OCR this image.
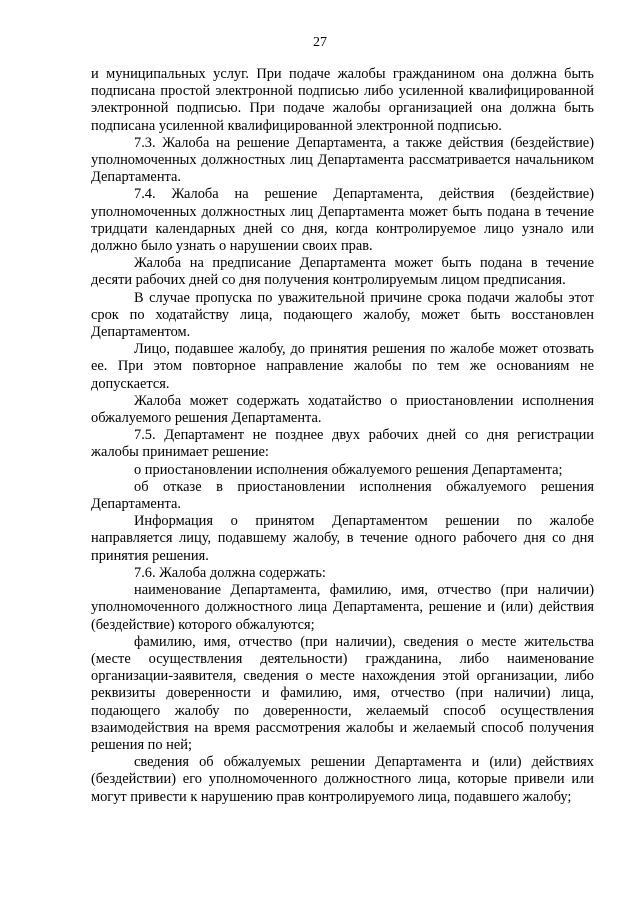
27

и муниципальных услуг. При подаче жалобы гражданином она должна быть подписана простой электронной подписью либо усиленной квалифицированной электронной подписью. При подаче жалобы организацией она должна быть подписана усиленной квалифицированной электронной подписью.

7.3. Жалоба на решение Департамента, а также действия (бездействие) уполномоченных должностных лиц Департамента рассматривается начальником Департамента.

7.4. Жалоба на решение Департамента, действия (бездействие) уполномоченных должностных лиц Департамента может быть подана в течение тридцати календарных дней со дня, когда контролируемое лицо узнало или должно было узнать о нарушении своих прав.

Жалоба на предписание Департамента может быть подана в течение десяти рабочих дней со дня получения контролируемым лицом предписания.

В случае пропуска по уважительной причине срока подачи жалобы этот срок по ходатайству лица, подающего жалобу, может быть восстановлен Департаментом.

Лицо, подавшее жалобу, до принятия решения по жалобе может отозвать ее. При этом повторное направление жалобы по тем же основаниям не допускается.

Жалоба может содержать ходатайство о приостановлении исполнения обжалуемого решения Департамента.

7.5. Департамент не позднее двух рабочих дней со дня регистрации жалобы принимает решение:

о приостановлении исполнения обжалуемого решения Департамента;

об отказе в приостановлении исполнения обжалуемого решения Департамента.

Информация о принятом Департаментом решении по жалобе направляется лицу, подавшему жалобу, в течение одного рабочего дня со дня принятия решения.

7.6. Жалоба должна содержать:

наименование Департамента, фамилию, имя, отчество (при наличии) уполномоченного должностного лица Департамента, решение и (или) действия (бездействие) которого обжалуются;

фамилию, имя, отчество (при наличии), сведения о месте жительства (месте осуществления деятельности) гражданина, либо наименование организации-заявителя, сведения о месте нахождения этой организации, либо реквизиты доверенности и фамилию, имя, отчество (при наличии) лица, подающего жалобу по доверенности, желаемый способ осуществления взаимодействия на время рассмотрения жалобы и желаемый способ получения решения по ней;

сведения об обжалуемых решении Департамента и (или) действиях (бездействии) его уполномоченного должностного лица, которые привели или могут привести к нарушению прав контролируемого лица, подавшего жалобу;
